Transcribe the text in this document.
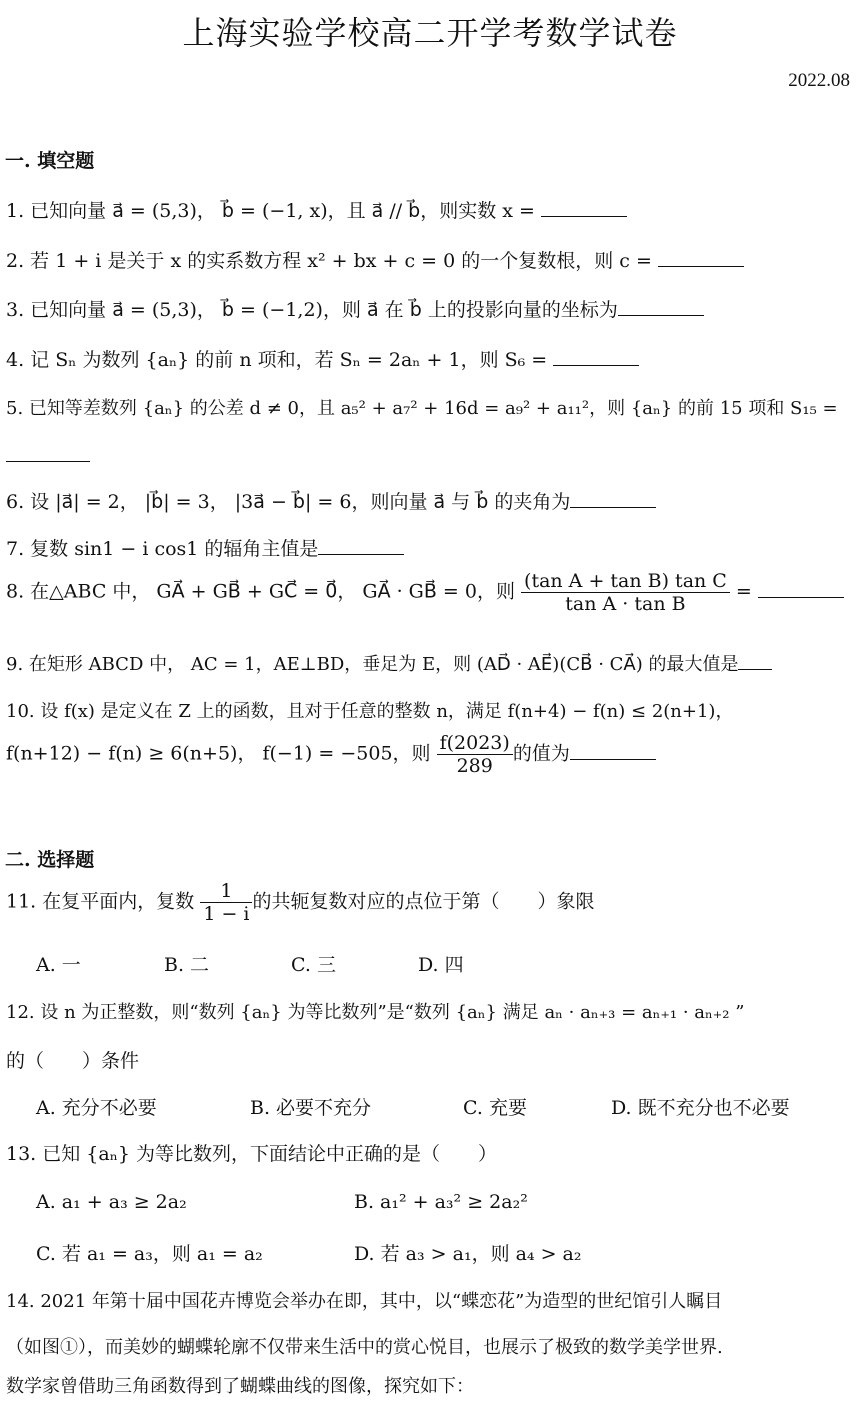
上海实验学校高二开学考数学试卷
2022.08
一. 填空题
1. 已知向量 a⃗ = (5,3)， b⃗ = (−1, x)，且 a⃗ // b⃗，则实数 x =
2. 若 1 + i 是关于 x 的实系数方程 x² + bx + c = 0 的一个复数根，则 c =
3. 已知向量 a⃗ = (5,3)， b⃗ = (−1,2)，则 a⃗ 在 b⃗ 上的投影向量的坐标为
4. 记 Sₙ 为数列 {aₙ} 的前 n 项和，若 Sₙ = 2aₙ + 1，则 S₆ =
5. 已知等差数列 {aₙ} 的公差 d ≠ 0，且 a₅² + a₇² + 16d = a₉² + a₁₁²，则 {aₙ} 的前 15 项和 S₁₅ =
6. 设 |a⃗| = 2， |b⃗| = 3， |3a⃗ − b⃗| = 6，则向量 a⃗ 与 b⃗ 的夹角为
7. 复数 sin1 − i cos1 的辐角主值是
8. 在△ABC 中， GA⃗ + GB⃗ + GC⃗ = 0⃗， GA⃗ · GB⃗ = 0，则 $\frac{\text{(tan A + tan B) tan C}}{\text{tan A · tan B}}$ =
9. 在矩形 ABCD 中， AC = 1，AE⊥BD，垂足为 E，则 (AD⃗ · AE⃗)(CB⃗ · CA⃗) 的最大值是
10. 设 f(x) 是定义在 Z 上的函数，且对于任意的整数 n，满足 f(n+4) − f(n) ≤ 2(n+1)，
f(n+12) − f(n) ≥ 6(n+5)， f(−1) = −505，则 $\frac{f(2023)}{289}$ 的值为
二. 选择题
11. 在复平面内，复数 $\frac{1}{1 - i}$ 的共轭复数对应的点位于第（　　）象限
A. 一	B. 二	C. 三	D. 四
12. 设 n 为正整数，则“数列 {aₙ} 为等比数列”是“数列 {aₙ} 满足 aₙ · aₙ₊₃ = aₙ₊₁ · aₙ₊₂ ”
的（　　）条件
A. 充分不必要	B. 必要不充分	C. 充要	D. 既不充分也不必要
13. 已知 {aₙ} 为等比数列，下面结论中正确的是（　　）
A. a₁ + a₃ ≥ 2a₂	B. a₁² + a₃² ≥ 2a₂²
C. 若 a₁ = a₃，则 a₁ = a₂	D. 若 a₃ > a₁，则 a₄ > a₂
14. 2021 年第十届中国花卉博览会举办在即，其中，以“蝶恋花”为造型的世纪馆引人瞩目
（如图①），而美妙的蝴蝶轮廓不仅带来生活中的赏心悦目，也展示了极致的数学美学世界.
数学家曾借助三角函数得到了蝴蝶曲线的图像，探究如下：
